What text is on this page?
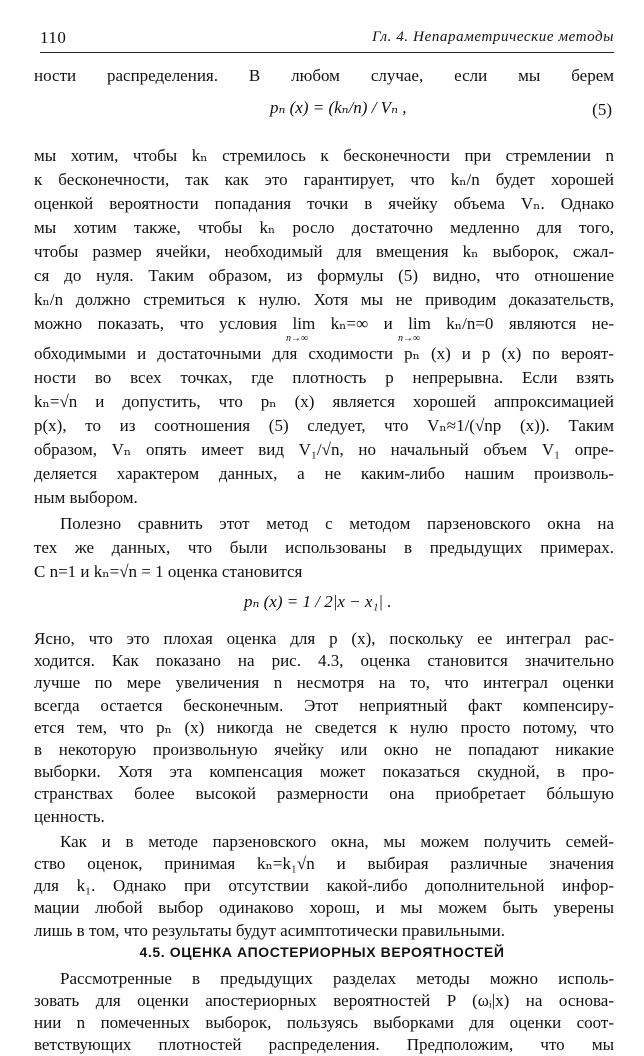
110	Гл. 4. Непараметрические методы
ности распределения. В любом случае, если мы берем
pₙ (x) = (kₙ/n) / Vₙ ,	(5)
мы хотим, чтобы kₙ стремилось к бесконечности при стремлении n
к бесконечности, так как это гарантирует, что kₙ/n будет хорошей
оценкой вероятности попадания точки в ячейку объема Vₙ. Однако
мы хотим также, чтобы kₙ росло достаточно медленно для того,
чтобы размер ячейки, необходимый для вмещения kₙ выборок, сжал-
ся до нуля. Таким образом, из формулы (5) видно, что отношение
kₙ/n должно стремиться к нулю. Хотя мы не приводим доказательств,
можно показать, что условия lim kₙ=∞ и lim kₙ/n=0 являются не-
n→∞	n→∞
обходимыми и достаточными для сходимости pₙ (x) и p (x) по вероят-
ности во всех точках, где плотность p непрерывна. Если взять
kₙ=√n и допустить, что pₙ (x) является хорошей аппроксимацией
p(x), то из соотношения (5) следует, что Vₙ≈1/(√np (x)). Таким
образом, Vₙ опять имеет вид V₁/√n, но начальный объем V₁ опре-
деляется характером данных, а не каким-либо нашим произволь-
ным выбором.
Полезно сравнить этот метод с методом парзеновского окна на
тех же данных, что были использованы в предыдущих примерах.
С n=1 и kₙ=√n = 1 оценка становится
pₙ (x) = 1 / 2|x − x₁| .
Ясно, что это плохая оценка для p (x), поскольку ее интеграл рас-
ходится. Как показано на рис. 4.3, оценка становится значительно
лучше по мере увеличения n несмотря на то, что интеграл оценки
всегда остается бесконечным. Этот неприятный факт компенсиру-
ется тем, что pₙ (x) никогда не сведется к нулю просто потому, что
в некоторую произвольную ячейку или окно не попадают никакие
выборки. Хотя эта компенсация может показаться скудной, в про-
странствах более высокой размерности она приобретает бóльшую
ценность.
Как и в методе парзеновского окна, мы можем получить семей-
ство оценок, принимая kₙ=k₁√n и выбирая различные значения
для k₁. Однако при отсутствии какой-либо дополнительной инфор-
мации любой выбор одинаково хорош, и мы можем быть уверены
лишь в том, что результаты будут асимптотически правильными.
4.5. ОЦЕНКА АПОСТЕРИОРНЫХ ВЕРОЯТНОСТЕЙ
Рассмотренные в предыдущих разделах методы можно исполь-
зовать для оценки апостериорных вероятностей P (ωᵢ|x) на основа-
нии n помеченных выборок, пользуясь выборками для оценки соот-
ветствующих плотностей распределения. Предположим, что мы
